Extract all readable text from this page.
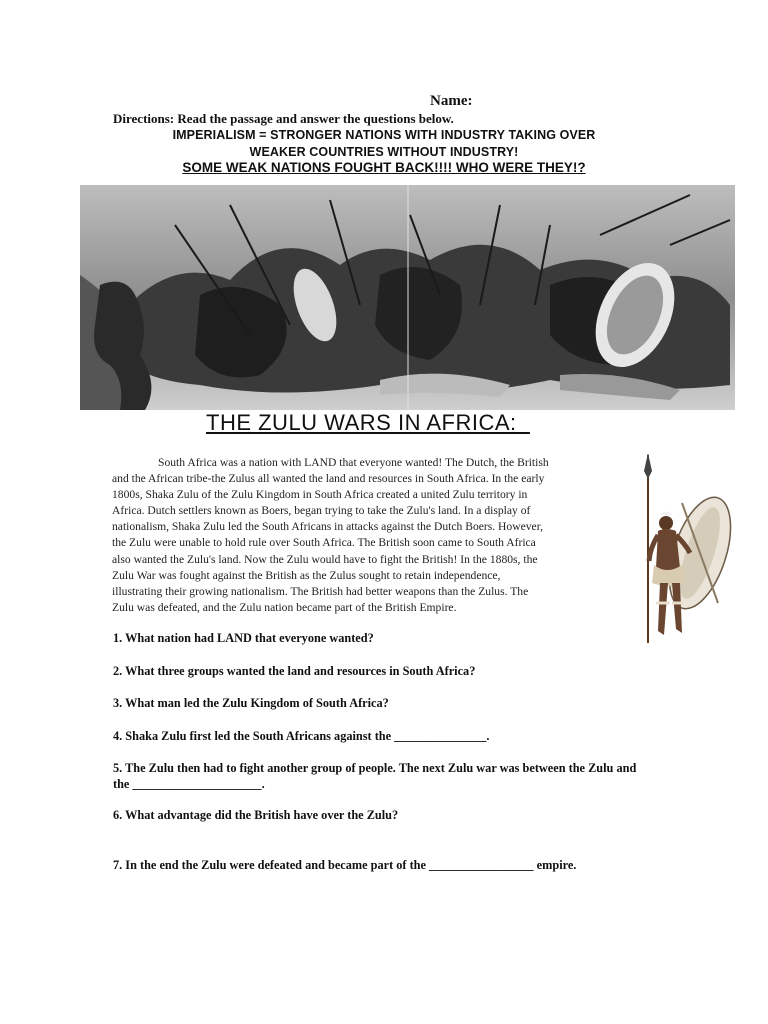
Name:
Directions: Read the passage and answer the questions below.
IMPERIALISM = STRONGER NATIONS WITH INDUSTRY TAKING OVER
WEAKER COUNTRIES WITHOUT INDUSTRY!
SOME WEAK NATIONS FOUGHT BACK!!!! WHO WERE THEY!?
THE ZULU WARS IN AFRICA:

South Africa was a nation with LAND that everyone wanted! The Dutch, the British
and the African tribe-the Zulus all wanted the land and resources in South Africa. In the early
1800s, Shaka Zulu of the Zulu Kingdom in South Africa created a united Zulu territory in
Africa. Dutch settlers known as Boers, began trying to take the Zulu's land. In a display of
nationalism, Shaka Zulu led the South Africans in attacks against the Dutch Boers. However,
the Zulu were unable to hold rule over South Africa. The British soon came to South Africa
also wanted the Zulu's land. Now the Zulu would have to fight the British! In the 1880s, the
Zulu War was fought against the British as the Zulus sought to retain independence,
illustrating their growing nationalism. The British had better weapons than the Zulus. The
Zulu was defeated, and the Zulu nation became part of the British Empire.

1. What nation had LAND that everyone wanted?

2. What three groups wanted the land and resources in South Africa?

3. What man led the Zulu Kingdom of South Africa?

4. Shaka Zulu first led the South Africans against the _______________.

5. The Zulu then had to fight another group of people. The next Zulu war was between the Zulu and the _____________________.

6. What advantage did the British have over the Zulu?

7. In the end the Zulu were defeated and became part of the _________________ empire.
